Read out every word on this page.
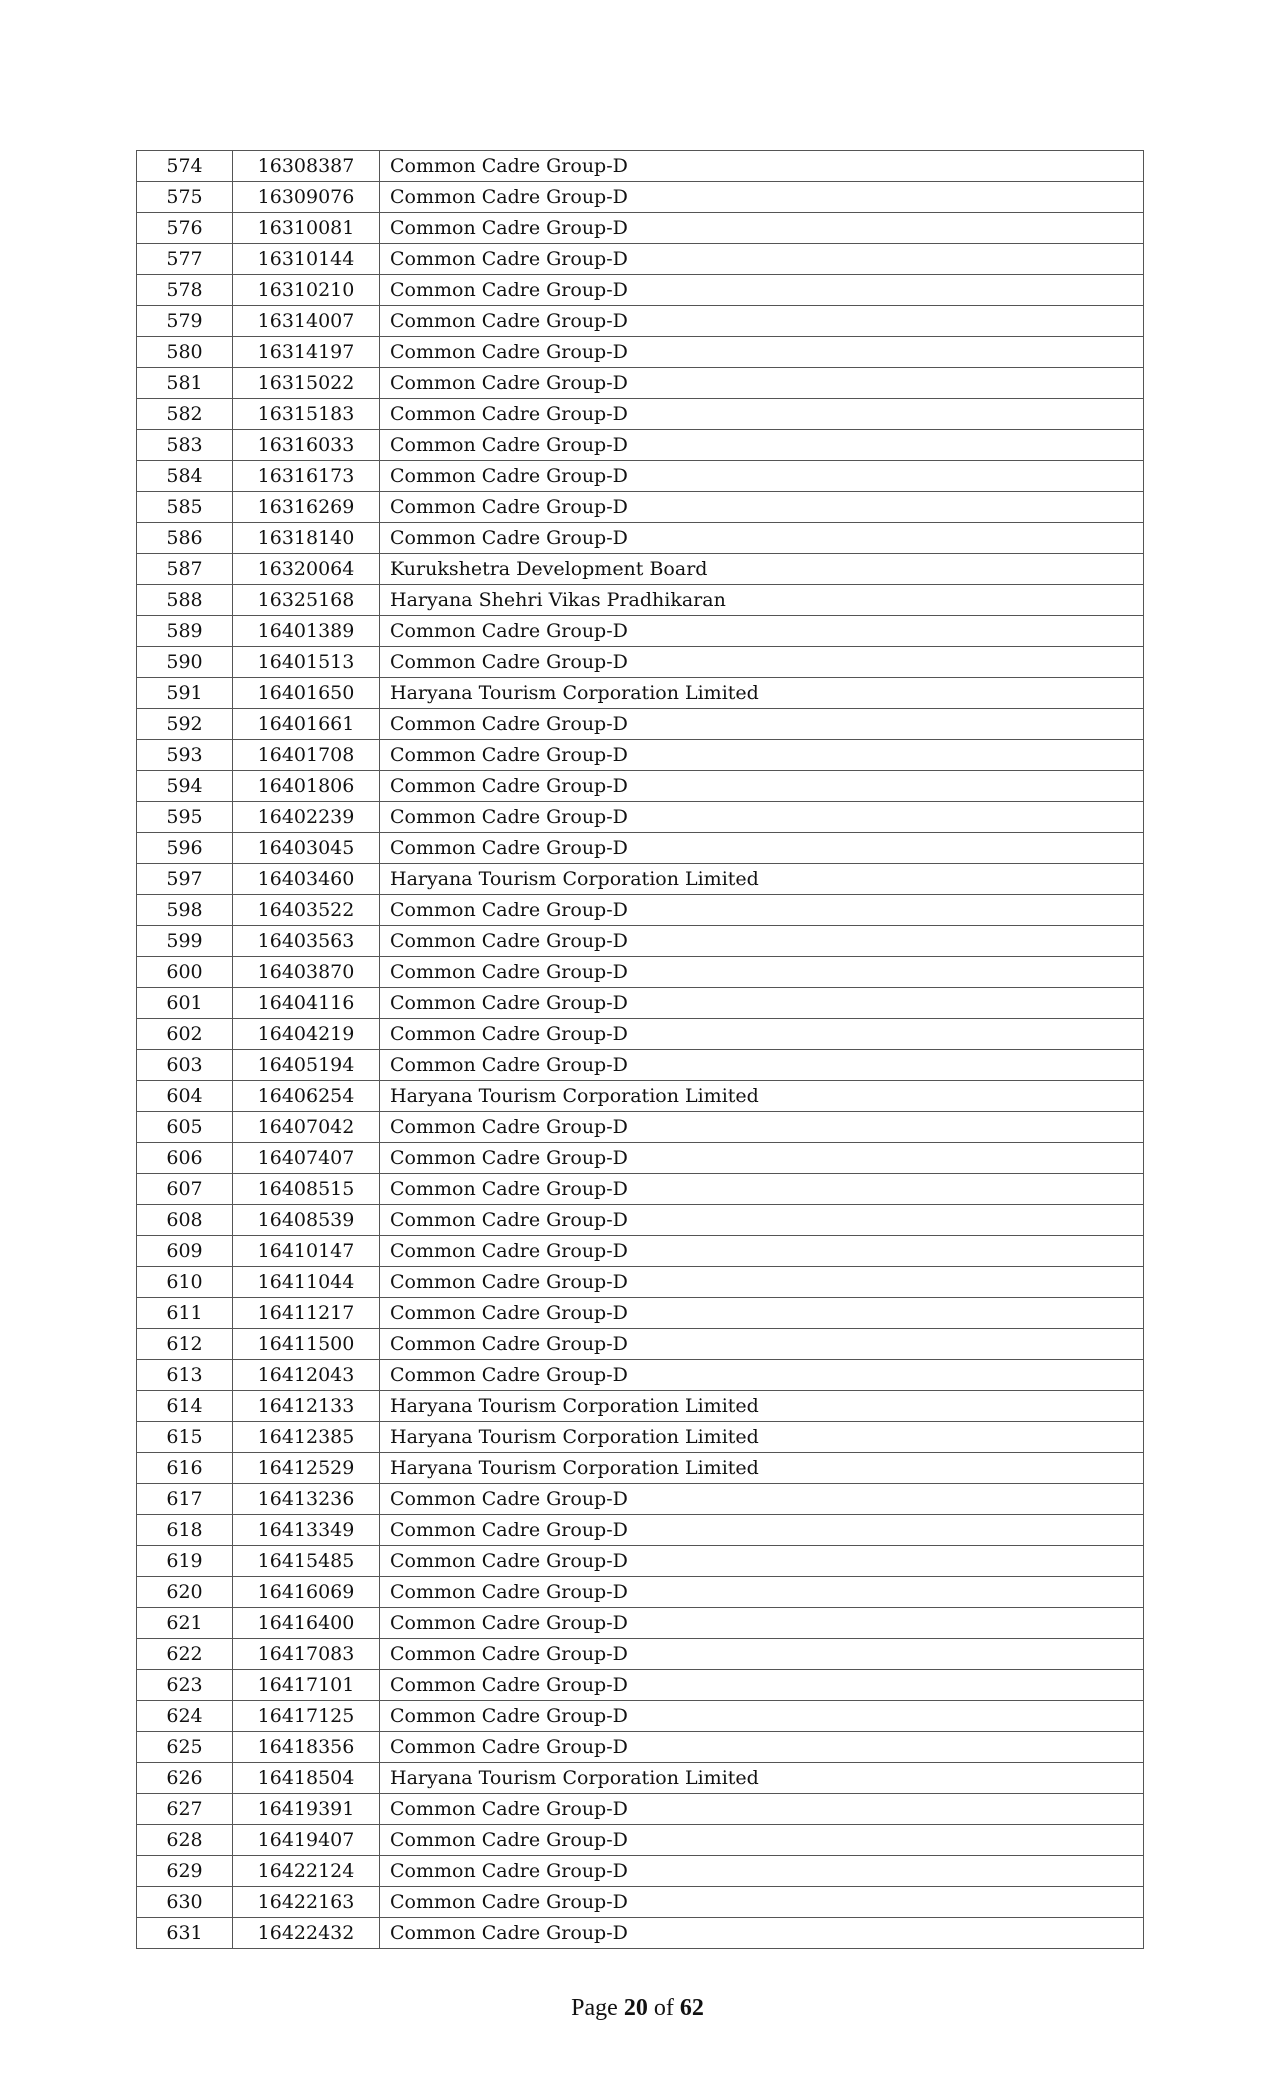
574	16308387	Common Cadre Group-D
575	16309076	Common Cadre Group-D
576	16310081	Common Cadre Group-D
577	16310144	Common Cadre Group-D
578	16310210	Common Cadre Group-D
579	16314007	Common Cadre Group-D
580	16314197	Common Cadre Group-D
581	16315022	Common Cadre Group-D
582	16315183	Common Cadre Group-D
583	16316033	Common Cadre Group-D
584	16316173	Common Cadre Group-D
585	16316269	Common Cadre Group-D
586	16318140	Common Cadre Group-D
587	16320064	Kurukshetra Development Board
588	16325168	Haryana Shehri Vikas Pradhikaran
589	16401389	Common Cadre Group-D
590	16401513	Common Cadre Group-D
591	16401650	Haryana Tourism Corporation Limited
592	16401661	Common Cadre Group-D
593	16401708	Common Cadre Group-D
594	16401806	Common Cadre Group-D
595	16402239	Common Cadre Group-D
596	16403045	Common Cadre Group-D
597	16403460	Haryana Tourism Corporation Limited
598	16403522	Common Cadre Group-D
599	16403563	Common Cadre Group-D
600	16403870	Common Cadre Group-D
601	16404116	Common Cadre Group-D
602	16404219	Common Cadre Group-D
603	16405194	Common Cadre Group-D
604	16406254	Haryana Tourism Corporation Limited
605	16407042	Common Cadre Group-D
606	16407407	Common Cadre Group-D
607	16408515	Common Cadre Group-D
608	16408539	Common Cadre Group-D
609	16410147	Common Cadre Group-D
610	16411044	Common Cadre Group-D
611	16411217	Common Cadre Group-D
612	16411500	Common Cadre Group-D
613	16412043	Common Cadre Group-D
614	16412133	Haryana Tourism Corporation Limited
615	16412385	Haryana Tourism Corporation Limited
616	16412529	Haryana Tourism Corporation Limited
617	16413236	Common Cadre Group-D
618	16413349	Common Cadre Group-D
619	16415485	Common Cadre Group-D
620	16416069	Common Cadre Group-D
621	16416400	Common Cadre Group-D
622	16417083	Common Cadre Group-D
623	16417101	Common Cadre Group-D
624	16417125	Common Cadre Group-D
625	16418356	Common Cadre Group-D
626	16418504	Haryana Tourism Corporation Limited
627	16419391	Common Cadre Group-D
628	16419407	Common Cadre Group-D
629	16422124	Common Cadre Group-D
630	16422163	Common Cadre Group-D
631	16422432	Common Cadre Group-D
Page 20 of 62
